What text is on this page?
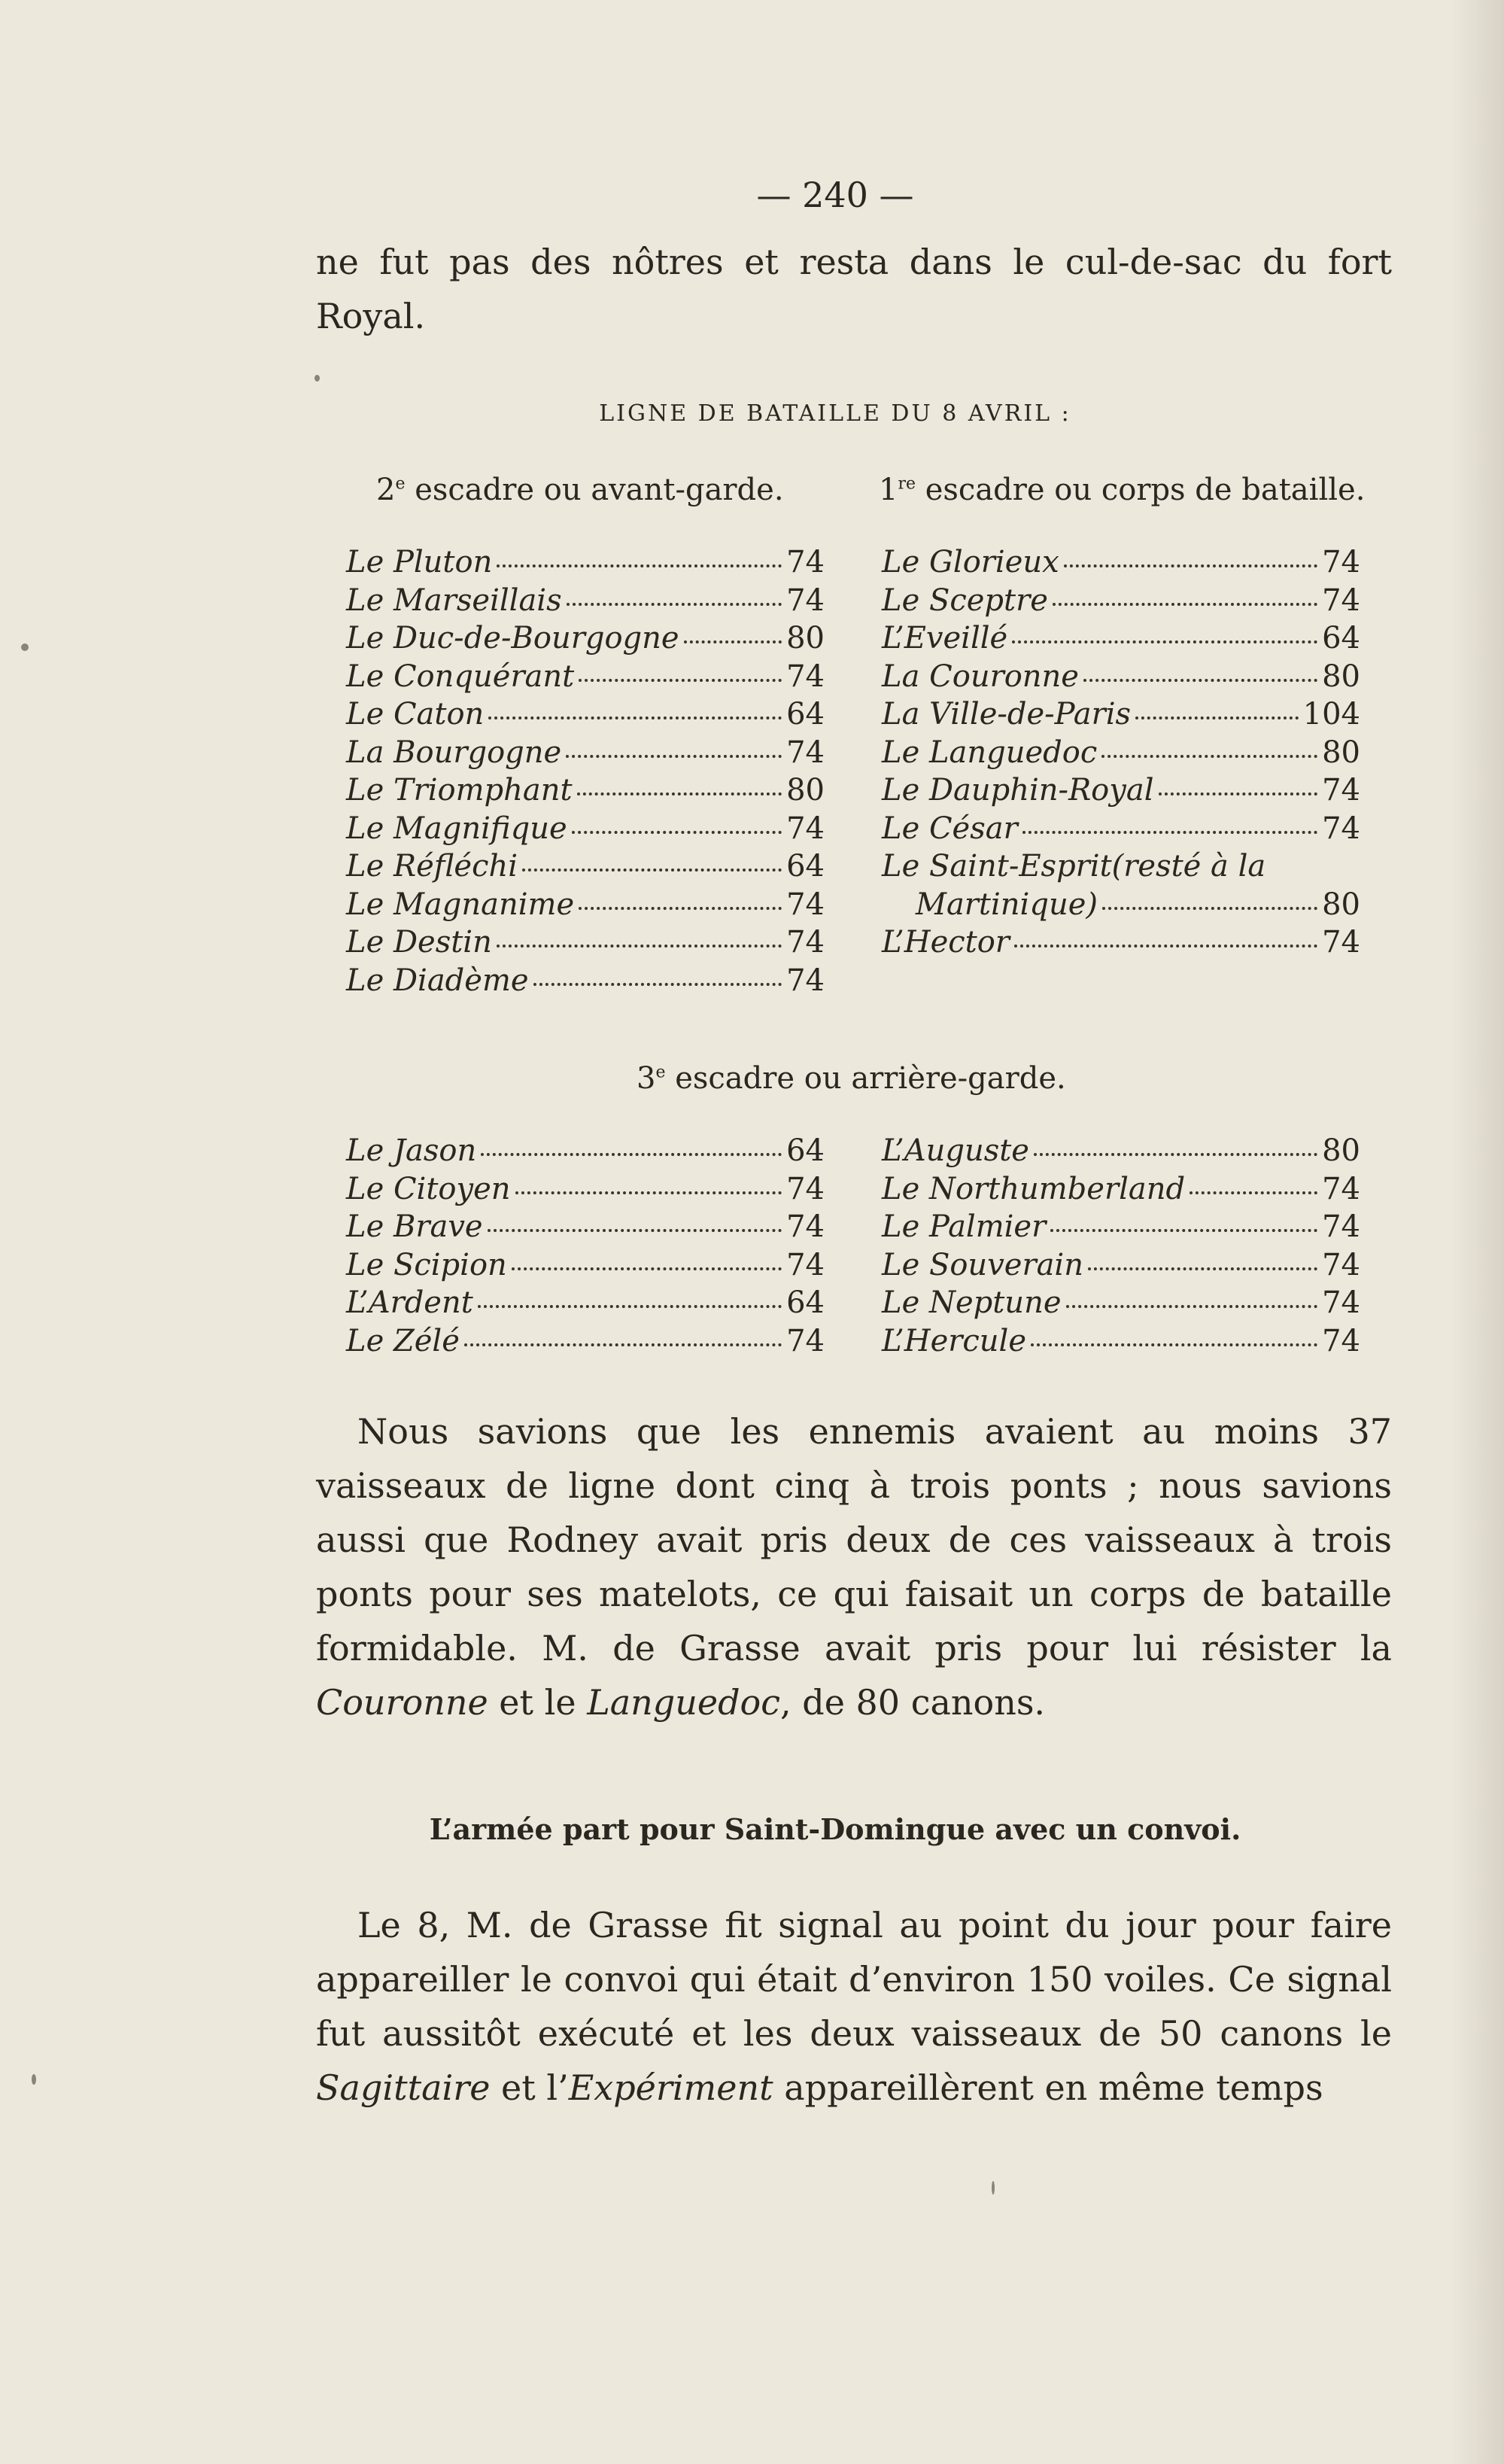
— 240 —

ne fut pas des nôtres et resta dans le cul-de-sac du fort Royal.

LIGNE DE BATAILLE DU 8 AVRIL :
2e escadre ou avant-garde.	1re escadre ou corps de bataille.
Le Pluton	74
Le Marseillais	74
Le Duc-de-Bourgogne	80
Le Conquérant	74
Le Caton	64
La Bourgogne	74
Le Triomphant	80
Le Magnifique	74
Le Réfléchi	64
Le Magnanime	74
Le Destin	74
Le Diadème	74
Le Glorieux	74
Le Sceptre	74
L’Eveillé	64
La Couronne	80
La Ville-de-Paris	104
Le Languedoc	80
Le Dauphin-Royal	74
Le César	74
Le Saint-Esprit (resté à la
Martinique)	80
L’Hector	74
3e escadre ou arrière-garde.
Le Jason	64
Le Citoyen	74
Le Brave	74
Le Scipion	74
L’Ardent	64
Le Zélé	74
L’Auguste	80
Le Northumberland	74
Le Palmier	74
Le Souverain	74
Le Neptune	74
L’Hercule	74

Nous savions que les ennemis avaient au moins 37 vaisseaux de ligne dont cinq à trois ponts ; nous savions aussi que Rodney avait pris deux de ces vaisseaux à trois ponts pour ses matelots, ce qui faisait un corps de bataille formidable. M. de Grasse avait pris pour lui résister la Couronne et le Languedoc, de 80 canons.

L’armée part pour Saint-Domingue avec un convoi.

Le 8, M. de Grasse fit signal au point du jour pour faire appareiller le convoi qui était d’environ 150 voiles. Ce signal fut aussitôt exécuté et les deux vaisseaux de 50 canons le Sagittaire et l’Expériment appareillèrent en même temps
